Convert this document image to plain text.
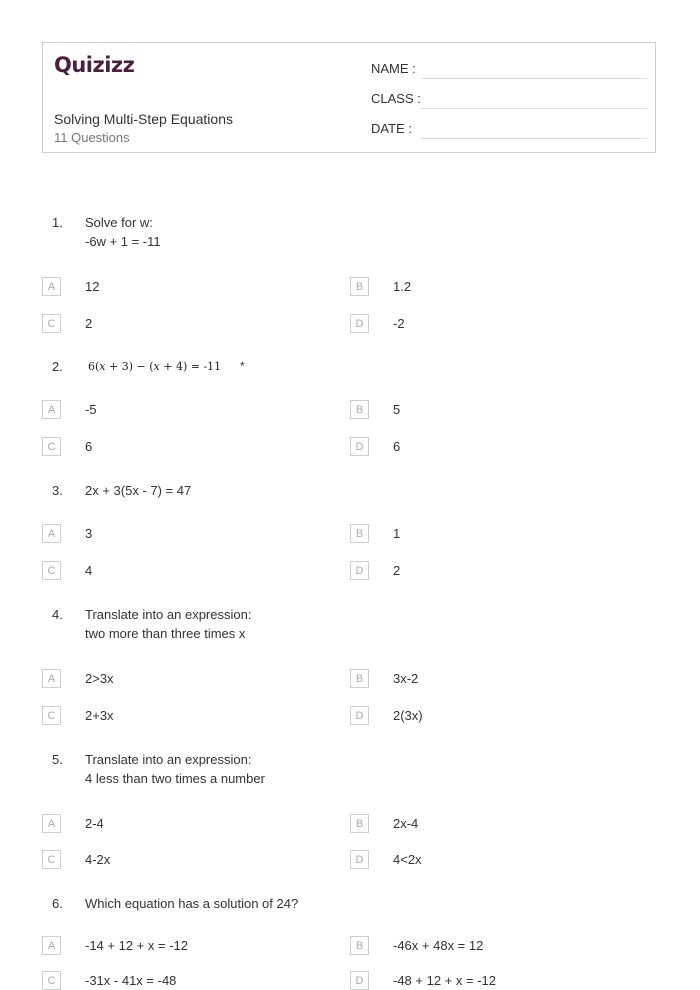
Quizizz
Solving Multi-Step Equations
11 Questions
NAME :
CLASS :
DATE :
1. Solve for w:
-6w + 1 = -11
A	12	B	1.2
C	2	D	-2
2. 6(x + 3) − (x + 4) = -11 *
A	-5	B	5
C	6	D	6
3. 2x + 3(5x - 7) = 47
A	3	B	1
C	4	D	2
4. Translate into an expression:
two more than three times x
A	2>3x	B	3x-2
C	2+3x	D	2(3x)
5. Translate into an expression:
4 less than two times a number
A	2-4	B	2x-4
C	4-2x	D	4<2x
6. Which equation has a solution of 24?
A	-14 + 12 + x = -12	B	-46x + 48x = 12
C	-31x - 41x = -48	D	-48 + 12 + x = -12
